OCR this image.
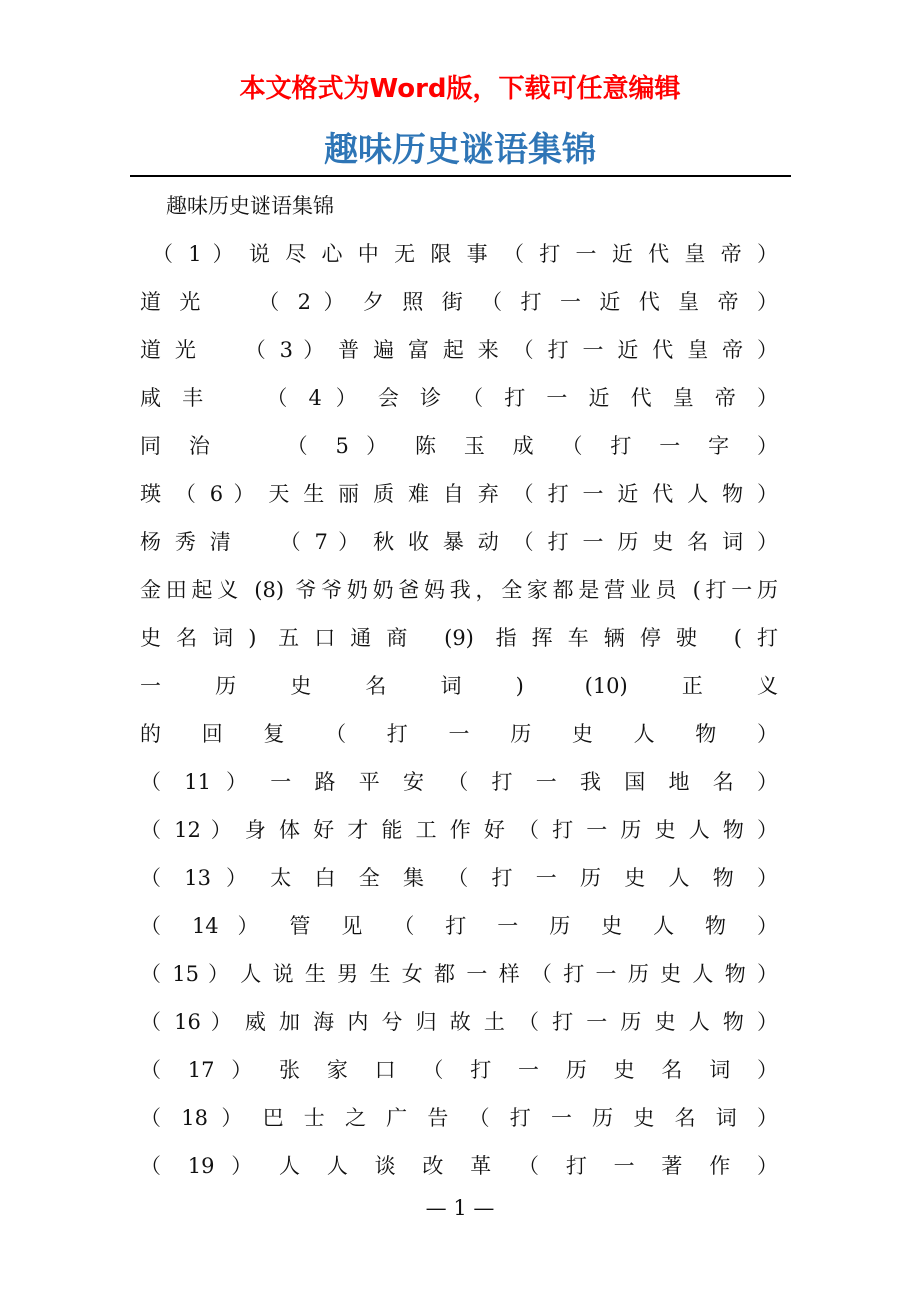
本文格式为Word版，下载可任意编辑
趣味历史谜语集锦
趣味历史谜语集锦
（ 1 ） 说 尽 心 中 无 限 事 （ 打 一 近 代 皇 帝 ）
道 光 　 （ 2 ） 夕 照 街 （ 打 一 近 代 皇 帝 ）
道 光 　 （ 3 ） 普 遍 富 起 来 （ 打 一 近 代 皇 帝 ）
咸 丰 　 （ 4 ） 会 诊 （ 打 一 近 代 皇 帝 ）
同 治 　 （ 5 ） 陈 玉 成 （ 打 一 字 ）
瑛 （ 6 ） 天 生 丽 质 难 自 弃 （ 打 一 近 代 人 物 ）
杨 秀 清 　 （ 7 ） 秋 收 暴 动 （ 打 一 历 史 名 词 ）
金田起义 (8) 爷爷奶奶爸妈我，全家都是营业员 (打一历
史名词) 五口通商 (9) 指挥车辆停驶 (打
一历史名词) (10)正义
的 回 复 （ 打 一 历 史 人 物 ）
（ 11 ） 一 路 平 安 （ 打 一 我 国 地 名 ）
（ 12 ） 身 体 好 才 能 工 作 好 （ 打 一 历 史 人 物 ）
（ 13 ） 太 白 全 集 （ 打 一 历 史 人 物 ）
（ 14 ） 管 见 （ 打 一 历 史 人 物 ）
（ 15 ） 人 说 生 男 生 女 都 一 样 （ 打 一 历 史 人 物 ）
（ 16 ） 威 加 海 内 兮 归 故 土 （ 打 一 历 史 人 物 ）
（ 17 ） 张 家 口 （ 打 一 历 史 名 词 ）
（ 18 ） 巴 士 之 广 告 （ 打 一 历 史 名 词 ）
（ 19 ） 人 人 谈 改 革 （ 打 一 著 作 ）
— 1 —
